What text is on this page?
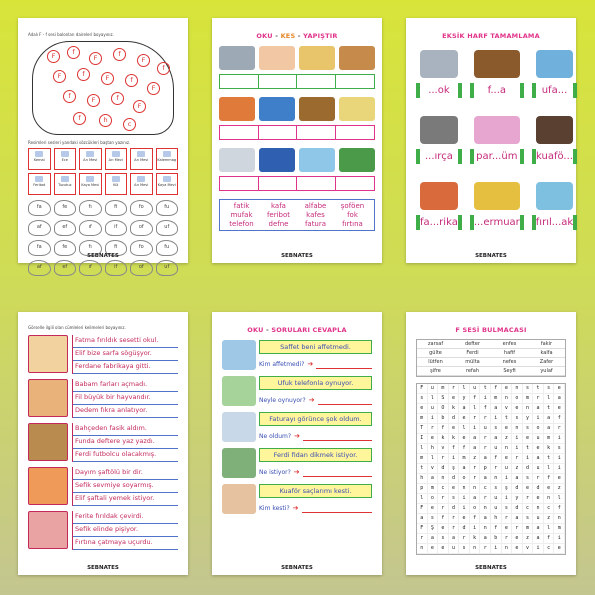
Adalı F - f sesi balonları daireleri boyayınız.
F	f
F	f
F
f
F	f	F	f
F
f	F	f
F
f	h	c
Resimleri sesleri yandaki sözcükleri baştan yazınız.
Kemal	Ece	Arı Mevi	Arı Mevi	Arı Mevi	Kalemmag
Feribot	Tuzutuz	Kaya Mevi	Kül	Arı Mevi	Kaya Mevi
fa	fe	fı	fi	fo	fu
af	ef	ıf	if	of	uf
fa	fe	fı	fi	fo	fu
af	ef	ıf	if	of	uf
SEBNATES
OKU - KES - YAPIŞTIR
fatik	kafa	alfabe	şoföen
mufak	feribot	kafes	fok
telefon	defne	fatura	fırtına
SEBNATES
EKSİK HARF TAMAMLAMA
...ok	f...a	ufa...
...ırça	par...üm	kuafö...
fa...rika	...ermuar	fırıl...ak
SEBNATES
Görselle ilgili olan cümleleri kelimeleri boyayınız.
Fatma fırıldık sesetti okul.
Elif bize sarfa sögüşyor.
Ferdane fabrikaya gitti.
Babam farları açmadı.
Fil büyük bir hayvandır.
Dedem fıkra anlatıyor.
Bahçeden fasik aldım.
Funda deftere yaz yazdı.
Ferdi futbolcu olacakmış.
Dayım şaftölü bir dir.
Sefik sevmiye soyarmış.
Elif şaftali yemek istiyor.
Ferite fırıldak çevirdi.
Sefik elinde pişiyor.
Fırtına çatmaya uçurdu.
SEBNATES
OKU - SORULARI CEVAPLA
Saffet beni affetmedi.
Kim affetmedi? ➔
Ufuk telefonla oynuyor.
Neyle oynuyor? ➔
Faturayı görünce şok oldum.
Ne oldum? ➔
Ferdi fidan dikmek istiyor.
Ne istiyor? ➔
Kuaför saçlarımı kesti.
Kim kesti? ➔
SEBNATES
F SESİ BULMACASI
zarsaf	defter	enfes	fakir
gülte	Ferdi	hafif	kalfa
lütfen	mülta	nefes	Zafer
şifre	refah	Seyfi	yulaf
F	u	m	r	l	u	t	f	e	n	s	t	s	e
s	l	S	e	y	f	i	m	n	o	m	r	l	a
e	u	O	k	a	l	f	a	v	e	n	a	t	e
m	i	b	d	e	r	r	i	t	s	y	i	a	f
T	r	f	e	l	i	u	s	e	n	s	o	a	r
I	e	k	k	e	a	r	a	z	i	e	u	m	i
l	h	v	f	f	a	r	u	n	i	t	e	k	s
m	l	r	i	m	z	a	f	e	r	i	a	t	i
t	v	d	ş	a	r	p	r	u	z	d	u	l	i
h	a	n	d	o	r	a	n	i	a	s	r	f	e
p	m	c	e	n	n	c	s	ş	d	e	d	e	z
l	o	r	s	i	a	r	u	i	y	r	e	n	l
F	e	r	d	i	o	n	u	s	d	c	n	c	f
a	s	f	r	e	f	a	h	r	a	s	u	z	n
F	Ş	e	r	d	i	n	f	e	r	m	a	l	m
r	a	s	a	r	k	a	b	r	e	z	a	f	i
n	e	e	u	s	n	r	i	n	e	v	i	c	e
SEBNATES
